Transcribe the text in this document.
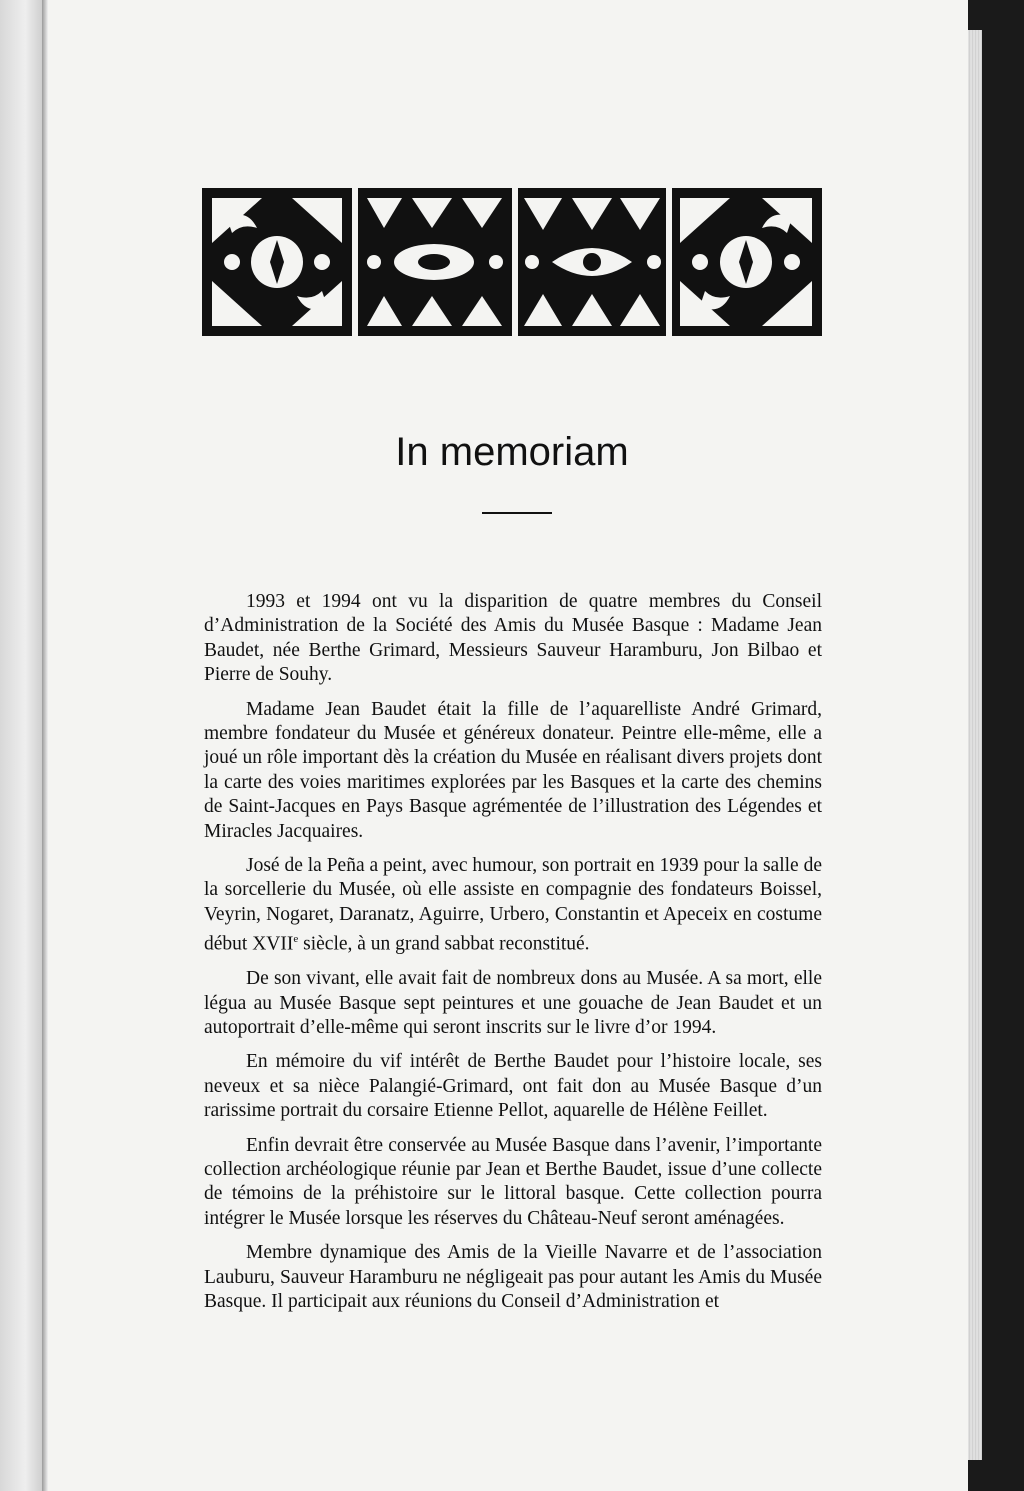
In memoriam

1993 et 1994 ont vu la disparition de quatre membres du Conseil d’Administration de la Société des Amis du Musée Basque : Madame Jean Baudet, née Berthe Grimard, Messieurs Sauveur Haramburu, Jon Bilbao et Pierre de Souhy.

Madame Jean Baudet était la fille de l’aquarelliste André Grimard, membre fondateur du Musée et généreux donateur. Peintre elle-même, elle a joué un rôle important dès la création du Musée en réalisant divers projets dont la carte des voies maritimes explorées par les Basques et la carte des chemins de Saint-Jacques en Pays Basque agrémentée de l’illustration des Légendes et Miracles Jacquaires.

José de la Peña a peint, avec humour, son portrait en 1939 pour la salle de la sorcellerie du Musée, où elle assiste en compagnie des fondateurs Boissel, Veyrin, Nogaret, Daranatz, Aguirre, Urbero, Constantin et Apeceix en costume début XVIIe siècle, à un grand sabbat reconstitué.

De son vivant, elle avait fait de nombreux dons au Musée. A sa mort, elle légua au Musée Basque sept peintures et une gouache de Jean Baudet et un autoportrait d’elle-même qui seront inscrits sur le livre d’or 1994.

En mémoire du vif intérêt de Berthe Baudet pour l’histoire locale, ses neveux et sa nièce Palangié-Grimard, ont fait don au Musée Basque d’un rarissime portrait du corsaire Etienne Pellot, aquarelle de Hélène Feillet.

Enfin devrait être conservée au Musée Basque dans l’avenir, l’importante collection archéologique réunie par Jean et Berthe Baudet, issue d’une collecte de témoins de la préhistoire sur le littoral basque. Cette collection pourra intégrer le Musée lorsque les réserves du Château-Neuf seront aménagées.

Membre dynamique des Amis de la Vieille Navarre et de l’association Lauburu, Sauveur Haramburu ne négligeait pas pour autant les Amis du Musée Basque. Il participait aux réunions du Conseil d’Administration et
